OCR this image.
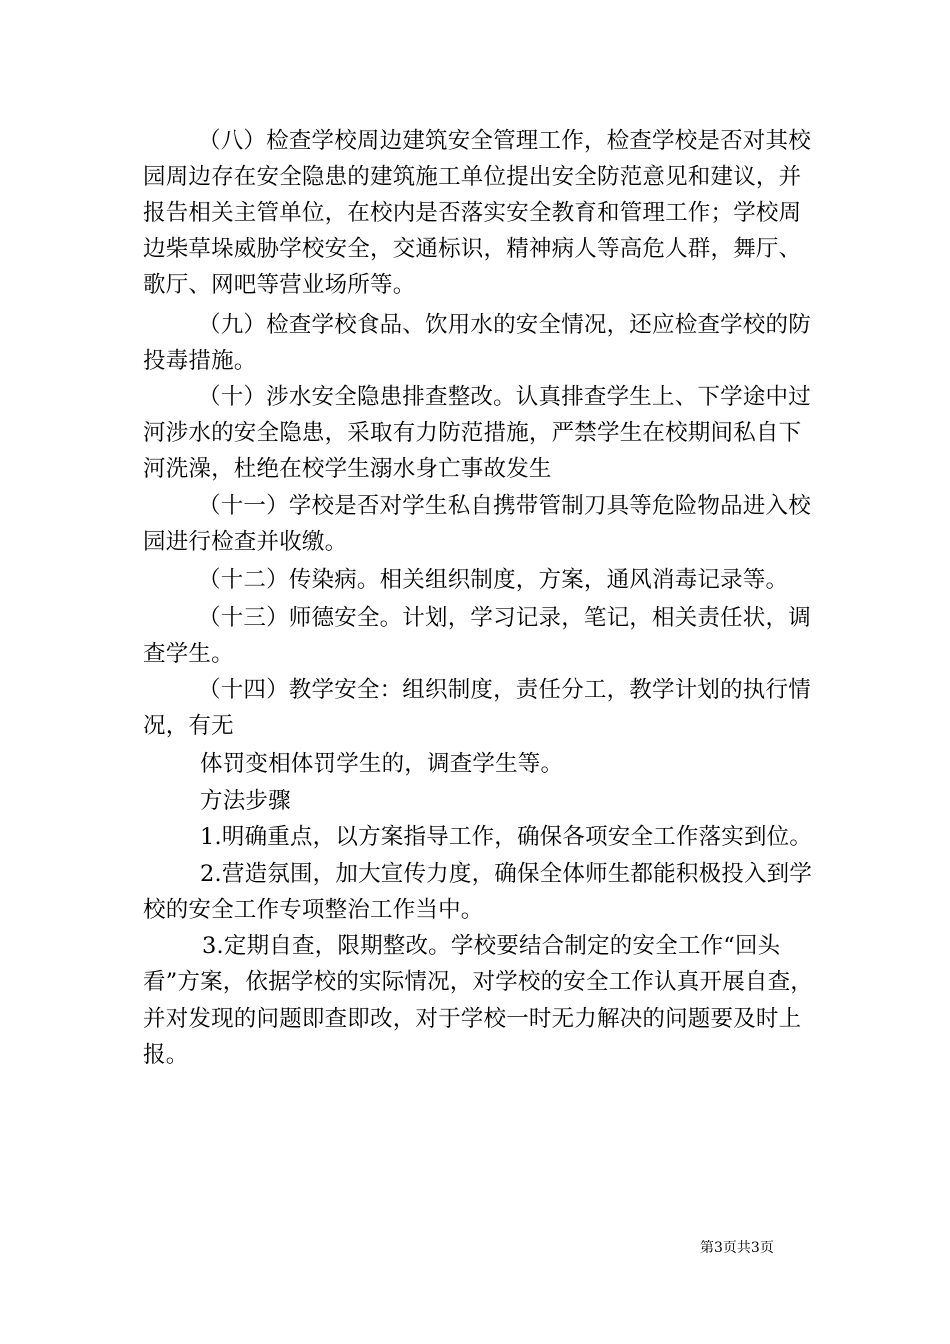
（八）检查学校周边建筑安全管理工作，检查学校是否对其校
园周边存在安全隐患的建筑施工单位提出安全防范意见和建议，并
报告相关主管单位，在校内是否落实安全教育和管理工作；学校周
边柴草垛威胁学校安全，交通标识，精神病人等高危人群，舞厅、
歌厅、网吧等营业场所等。
（九）检查学校食品、饮用水的安全情况，还应检查学校的防
投毒措施。
（十）涉水安全隐患排查整改。认真排查学生上、下学途中过
河涉水的安全隐患，采取有力防范措施，严禁学生在校期间私自下
河洗澡，杜绝在校学生溺水身亡事故发生
（十一）学校是否对学生私自携带管制刀具等危险物品进入校
园进行检查并收缴。
（十二）传染病。相关组织制度，方案，通风消毒记录等。
（十三）师德安全。计划，学习记录，笔记，相关责任状，调
查学生。
（十四）教学安全：组织制度，责任分工，教学计划的执行情
况，有无
体罚变相体罚学生的，调查学生等。
方法步骤
1.明确重点，以方案指导工作，确保各项安全工作落实到位。
2.营造氛围，加大宣传力度，确保全体师生都能积极投入到学
校的安全工作专项整治工作当中。
3.定期自查，限期整改。学校要结合制定的安全工作“回头
看”方案，依据学校的实际情况，对学校的安全工作认真开展自查，
并对发现的问题即查即改，对于学校一时无力解决的问题要及时上
报。
第3页共3页
